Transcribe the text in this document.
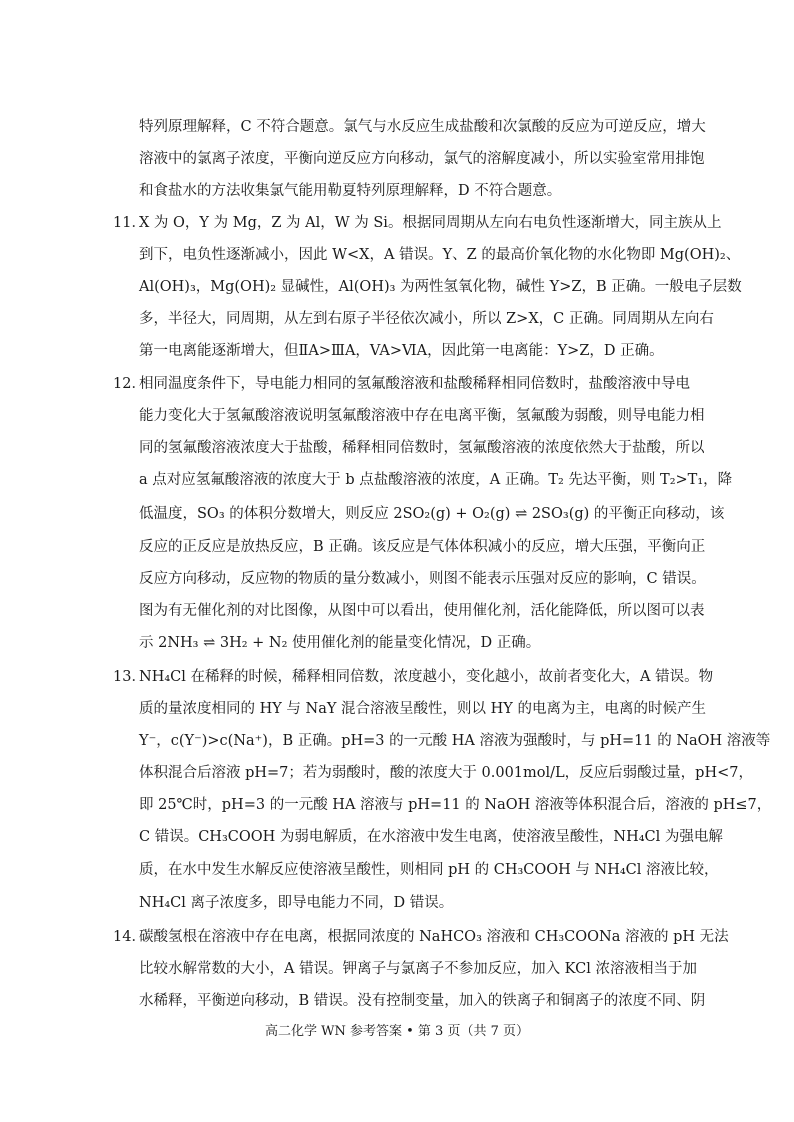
特列原理解释，C 不符合题意。氯气与水反应生成盐酸和次氯酸的反应为可逆反应，增大
溶液中的氯离子浓度，平衡向逆反应方向移动，氯气的溶解度减小，所以实验室常用排饱
和食盐水的方法收集氯气能用勒夏特列原理解释，D 不符合题意。
11．
X 为 O，Y 为 Mg，Z 为 Al，W 为 Si。根据同周期从左向右电负性逐渐增大，同主族从上
到下，电负性逐渐减小，因此 W<X，A 错误。Y、Z 的最高价氧化物的水化物即 Mg(OH)₂、
Al(OH)₃，Mg(OH)₂ 显碱性，Al(OH)₃ 为两性氢氧化物，碱性 Y>Z，B 正确。一般电子层数
多，半径大，同周期，从左到右原子半径依次减小，所以 Z>X，C 正确。同周期从左向右
第一电离能逐渐增大，但ⅡA>ⅢA，VA>ⅥA，因此第一电离能：Y>Z，D 正确。
12．
相同温度条件下，导电能力相同的氢氟酸溶液和盐酸稀释相同倍数时，盐酸溶液中导电
能力变化大于氢氟酸溶液说明氢氟酸溶液中存在电离平衡，氢氟酸为弱酸，则导电能力相
同的氢氟酸溶液浓度大于盐酸，稀释相同倍数时，氢氟酸溶液的浓度依然大于盐酸，所以
a 点对应氢氟酸溶液的浓度大于 b 点盐酸溶液的浓度，A 正确。T₂ 先达平衡，则 T₂>T₁，降
低温度，SO₃ 的体积分数增大，则反应 2SO₂(g) + O₂(g) ⇌ 2SO₃(g) 的平衡正向移动，该
反应的正反应是放热反应，B 正确。该反应是气体体积减小的反应，增大压强，平衡向正
反应方向移动，反应物的物质的量分数减小，则图不能表示压强对反应的影响，C 错误。
图为有无催化剂的对比图像，从图中可以看出，使用催化剂，活化能降低，所以图可以表
示 2NH₃ ⇌ 3H₂ + N₂ 使用催化剂的能量变化情况，D 正确。
13．
NH₄Cl 在稀释的时候，稀释相同倍数，浓度越小，变化越小，故前者变化大，A 错误。物
质的量浓度相同的 HY 与 NaY 混合溶液呈酸性，则以 HY 的电离为主，电离的时候产生
Y⁻，c(Y⁻)>c(Na⁺)，B 正确。pH=3 的一元酸 HA 溶液为强酸时，与 pH=11 的 NaOH 溶液等
体积混合后溶液 pH=7；若为弱酸时，酸的浓度大于 0.001mol/L，反应后弱酸过量，pH<7，
即 25℃时，pH=3 的一元酸 HA 溶液与 pH=11 的 NaOH 溶液等体积混合后，溶液的 pH≤7，
C 错误。CH₃COOH 为弱电解质，在水溶液中发生电离，使溶液呈酸性，NH₄Cl 为强电解
质，在水中发生水解反应使溶液呈酸性，则相同 pH 的 CH₃COOH 与 NH₄Cl 溶液比较，
NH₄Cl 离子浓度多，即导电能力不同，D 错误。
14．
碳酸氢根在溶液中存在电离，根据同浓度的 NaHCO₃ 溶液和 CH₃COONa 溶液的 pH 无法
比较水解常数的大小，A 错误。钾离子与氯离子不参加反应，加入 KCl 浓溶液相当于加
水稀释，平衡逆向移动，B 错误。没有控制变量，加入的铁离子和铜离子的浓度不同、阴
高二化学 WN 参考答案 • 第 3 页（共 7 页）
